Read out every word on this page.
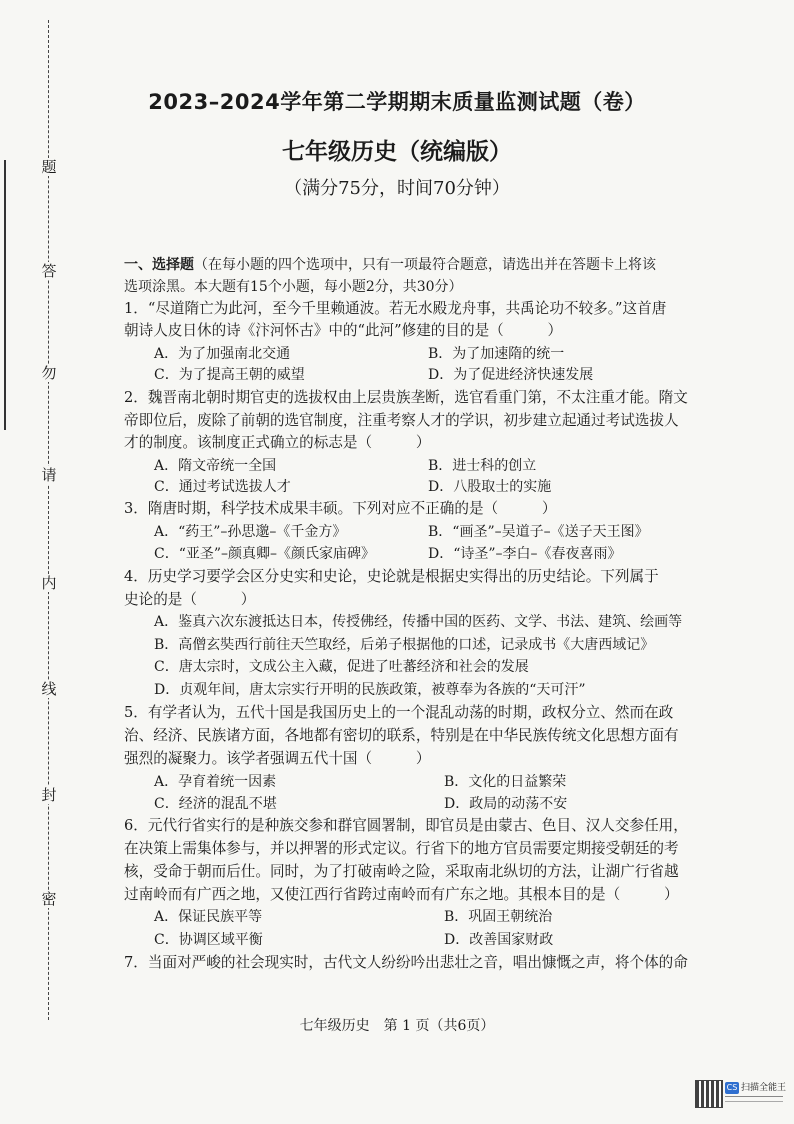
题
答
勿
请
内
线
封
密
2023–2024学年第二学期期末质量监测试题（卷）
七年级历史（统编版）
（满分75分，时间70分钟）
一、选择题（在每小题的四个选项中，只有一项最符合题意，请选出并在答题卡上将该
选项涂黑。本大题有15个小题，每小题2分，共30分）
1．“尽道隋亡为此河，至今千里赖通波。若无水殿龙舟事，共禹论功不较多。”这首唐
朝诗人皮日休的诗《汴河怀古》中的“此河”修建的目的是（　　　）
A．为了加强南北交通	B．为了加速隋的统一
C．为了提高王朝的威望	D．为了促进经济快速发展
2．魏晋南北朝时期官吏的选拔权由上层贵族垄断，选官看重门第，不太注重才能。隋文
帝即位后，废除了前朝的选官制度，注重考察人才的学识，初步建立起通过考试选拔人
才的制度。该制度正式确立的标志是（　　　）
A．隋文帝统一全国	B．进士科的创立
C．通过考试选拔人才	D．八股取士的实施
3．隋唐时期，科学技术成果丰硕。下列对应不正确的是（　　　）
A．“药王”–孙思邈–《千金方》	B．“画圣”–吴道子–《送子天王图》
C．“亚圣”–颜真卿–《颜氏家庙碑》	D．“诗圣”–李白–《春夜喜雨》
4．历史学习要学会区分史实和史论，史论就是根据史实得出的历史结论。下列属于
史论的是（　　　）
A．鉴真六次东渡抵达日本，传授佛经，传播中国的医药、文学、书法、建筑、绘画等
B．高僧玄奘西行前往天竺取经，后弟子根据他的口述，记录成书《大唐西域记》
C．唐太宗时，文成公主入藏，促进了吐蕃经济和社会的发展
D．贞观年间，唐太宗实行开明的民族政策，被尊奉为各族的“天可汗”
5．有学者认为，五代十国是我国历史上的一个混乱动荡的时期，政权分立、然而在政
治、经济、民族诸方面，各地都有密切的联系，特别是在中华民族传统文化思想方面有
强烈的凝聚力。该学者强调五代十国（　　　）
A．孕育着统一因素	B．文化的日益繁荣
C．经济的混乱不堪	D．政局的动荡不安
6．元代行省实行的是种族交参和群官圆署制，即官员是由蒙古、色目、汉人交参任用，
在决策上需集体参与，并以押署的形式定议。行省下的地方官员需要定期接受朝廷的考
核，受命于朝而后仕。同时，为了打破南岭之险，采取南北纵切的方法，让湖广行省越
过南岭而有广西之地，又使江西行省跨过南岭而有广东之地。其根本目的是（　　　）
A．保证民族平等	B．巩固王朝统治
C．协调区域平衡	D．改善国家财政
7．当面对严峻的社会现实时，古代文人纷纷吟出悲壮之音，唱出慷慨之声，将个体的命
七年级历史　第 1 页（共6页）
CS 扫描全能王
